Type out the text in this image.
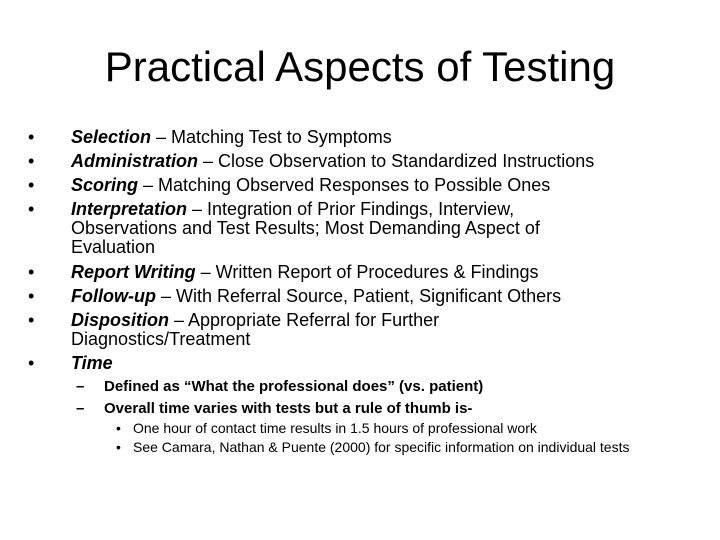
Practical Aspects of Testing
• Selection – Matching Test to Symptoms
• Administration – Close Observation to Standardized Instructions
• Scoring – Matching Observed Responses to Possible Ones
• Interpretation – Integration of Prior Findings, Interview, Observations and Test Results; Most Demanding Aspect of Evaluation
• Report Writing – Written Report of Procedures & Findings
• Follow-up – With Referral Source, Patient, Significant Others
• Disposition – Appropriate Referral for Further Diagnostics/Treatment
• Time
– Defined as “What the professional does” (vs. patient)
– Overall time varies with tests but a rule of thumb is-
• One hour of contact time results in 1.5 hours of professional work
• See Camara, Nathan & Puente (2000) for specific information on individual tests
